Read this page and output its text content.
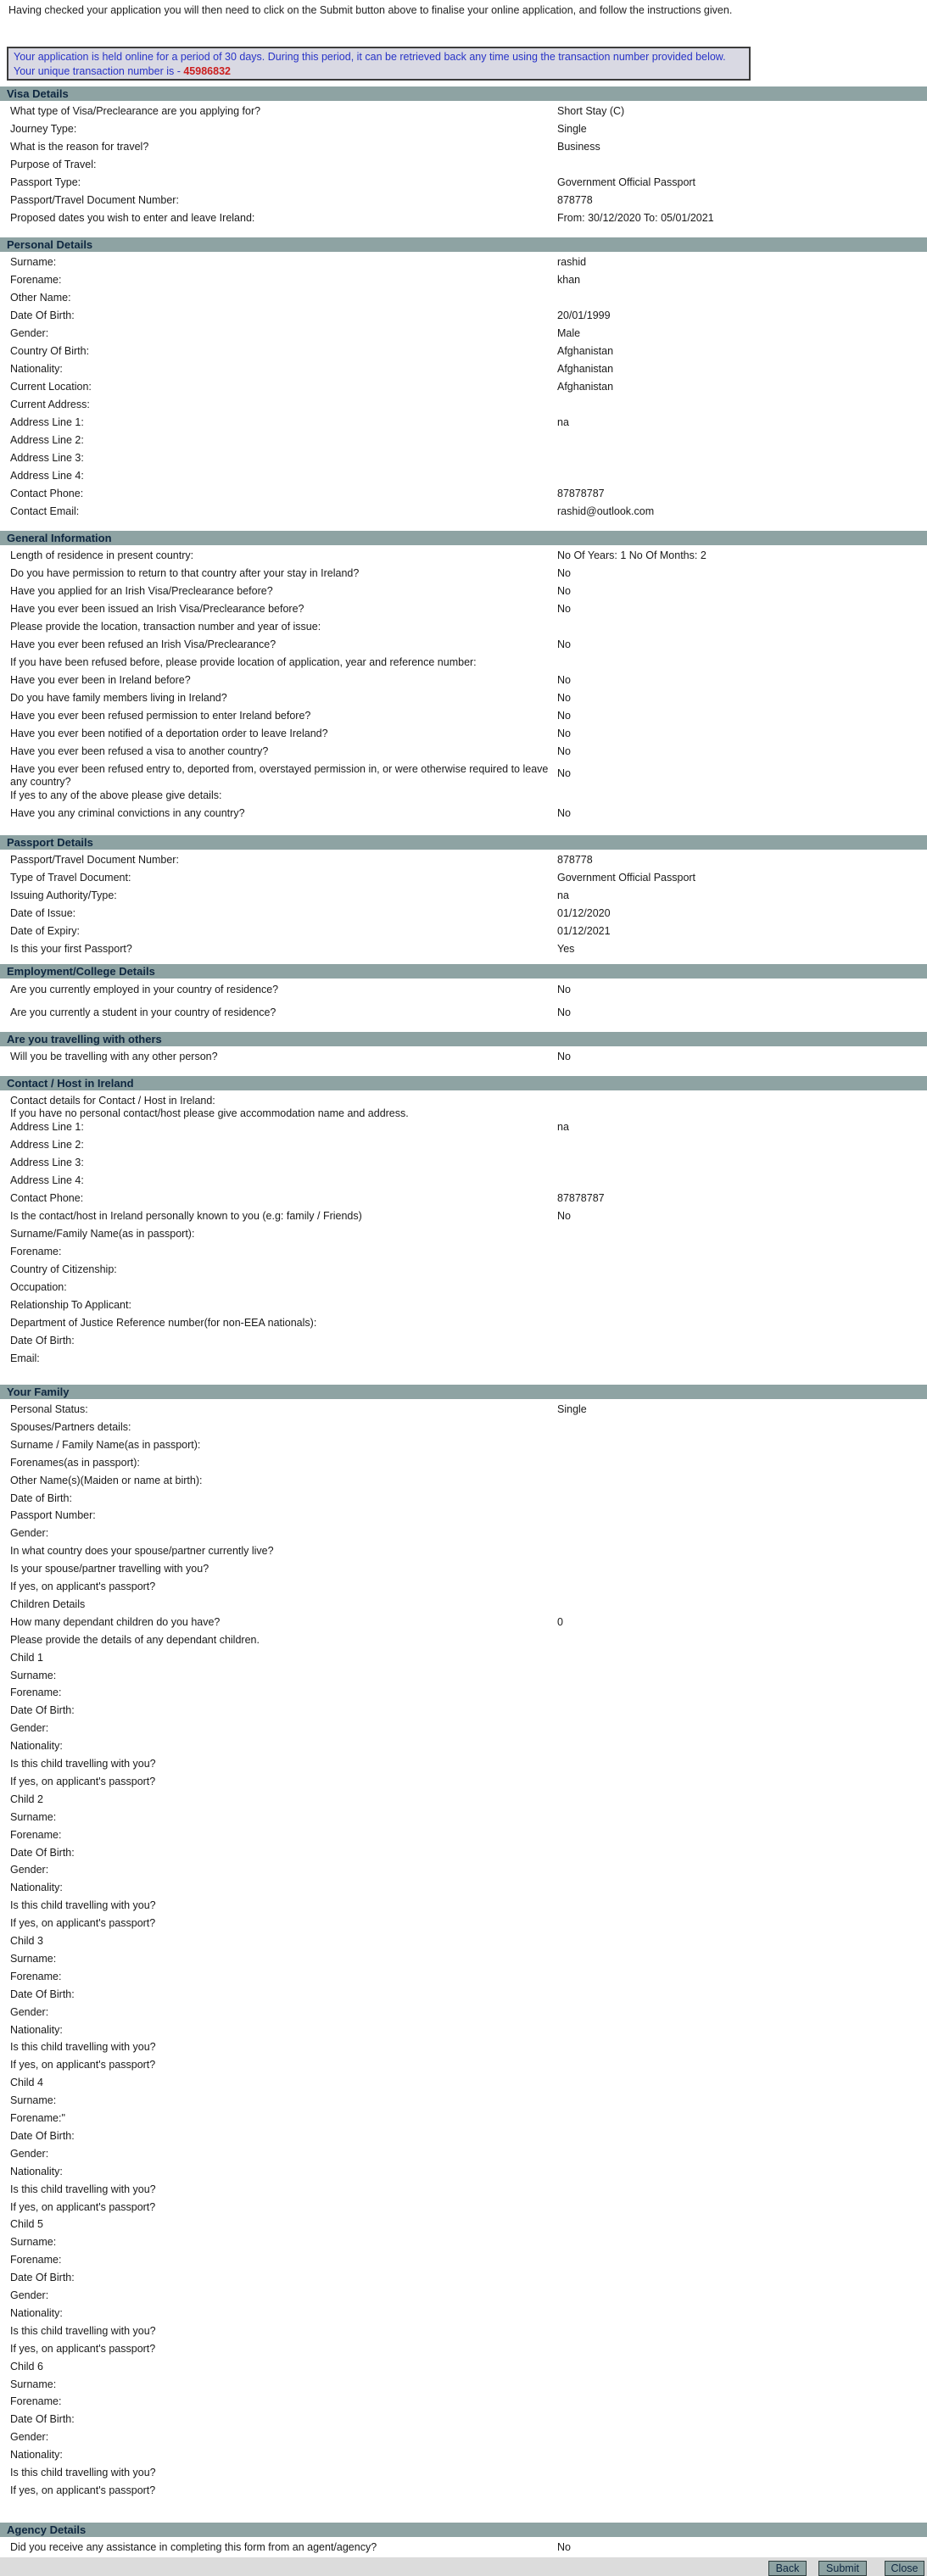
Having checked your application you will then need to click on the Submit button above to finalise your online application, and follow the instructions given.
Your application is held online for a period of 30 days. During this period, it can be retrieved back any time using the transaction number provided below.
Your unique transaction number is - 45986832
Visa Details
What type of Visa/Preclearance are you applying for?	Short Stay (C)
Journey Type:	Single
What is the reason for travel?	Business
Purpose of Travel:
Passport Type:	Government Official Passport
Passport/Travel Document Number:	878778
Proposed dates you wish to enter and leave Ireland:	From: 30/12/2020 To: 05/01/2021
Personal Details
Surname:	rashid
Forename:	khan
Other Name:
Date Of Birth:	20/01/1999
Gender:	Male
Country Of Birth:	Afghanistan
Nationality:	Afghanistan
Current Location:	Afghanistan
Current Address:
Address Line 1:	na
Address Line 2:
Address Line 3:
Address Line 4:
Contact Phone:	87878787
Contact Email:	rashid@outlook.com
General Information
Length of residence in present country:	No Of Years: 1 No Of Months: 2
Do you have permission to return to that country after your stay in Ireland?	No
Have you applied for an Irish Visa/Preclearance before?	No
Have you ever been issued an Irish Visa/Preclearance before?	No
Please provide the location, transaction number and year of issue:
Have you ever been refused an Irish Visa/Preclearance?	No
If you have been refused before, please provide location of application, year and reference number:
Have you ever been in Ireland before?	No
Do you have family members living in Ireland?	No
Have you ever been refused permission to enter Ireland before?	No
Have you ever been notified of a deportation order to leave Ireland?	No
Have you ever been refused a visa to another country?	No
Have you ever been refused entry to, deported from, overstayed permission in, or were otherwise required to leave any country?
No
If yes to any of the above please give details:
Have you any criminal convictions in any country?	No
Passport Details
Passport/Travel Document Number:	878778
Type of Travel Document:	Government Official Passport
Issuing Authority/Type:	na
Date of Issue:	01/12/2020
Date of Expiry:	01/12/2021
Is this your first Passport?	Yes
Employment/College Details
Are you currently employed in your country of residence?	No
Are you currently a student in your country of residence?	No
Are you travelling with others
Will you be travelling with any other person?	No
Contact / Host in Ireland
Contact details for Contact / Host in Ireland:
If you have no personal contact/host please give accommodation name and address.
Address Line 1:	na
Address Line 2:
Address Line 3:
Address Line 4:
Contact Phone:	87878787
Is the contact/host in Ireland personally known to you (e.g: family / Friends)	No
Surname/Family Name(as in passport):
Forename:
Country of Citizenship:
Occupation:
Relationship To Applicant:
Department of Justice Reference number(for non-EEA nationals):
Date Of Birth:
Email:
Your Family
Personal Status:	Single
Spouses/Partners details:
Surname / Family Name(as in passport):
Forenames(as in passport):
Other Name(s)(Maiden or name at birth):
Date of Birth:
Passport Number:
Gender:
In what country does your spouse/partner currently live?
Is your spouse/partner travelling with you?
If yes, on applicant's passport?
Children Details
How many dependant children do you have?	0
Please provide the details of any dependant children.
Child 1
Surname:
Forename:
Date Of Birth:
Gender:
Nationality:
Is this child travelling with you?
If yes, on applicant's passport?
Child 2
Surname:
Forename:
Date Of Birth:
Gender:
Nationality:
Is this child travelling with you?
If yes, on applicant's passport?
Child 3
Surname:
Forename:
Date Of Birth:
Gender:
Nationality:
Is this child travelling with you?
If yes, on applicant's passport?
Child 4
Surname:
Forename:"
Date Of Birth:
Gender:
Nationality:
Is this child travelling with you?
If yes, on applicant's passport?
Child 5
Surname:
Forename:
Date Of Birth:
Gender:
Nationality:
Is this child travelling with you?
If yes, on applicant's passport?
Child 6
Surname:
Forename:
Date Of Birth:
Gender:
Nationality:
Is this child travelling with you?
If yes, on applicant's passport?
Agency Details
Did you receive any assistance in completing this form from an agent/agency?	No
Back	Submit	Close
